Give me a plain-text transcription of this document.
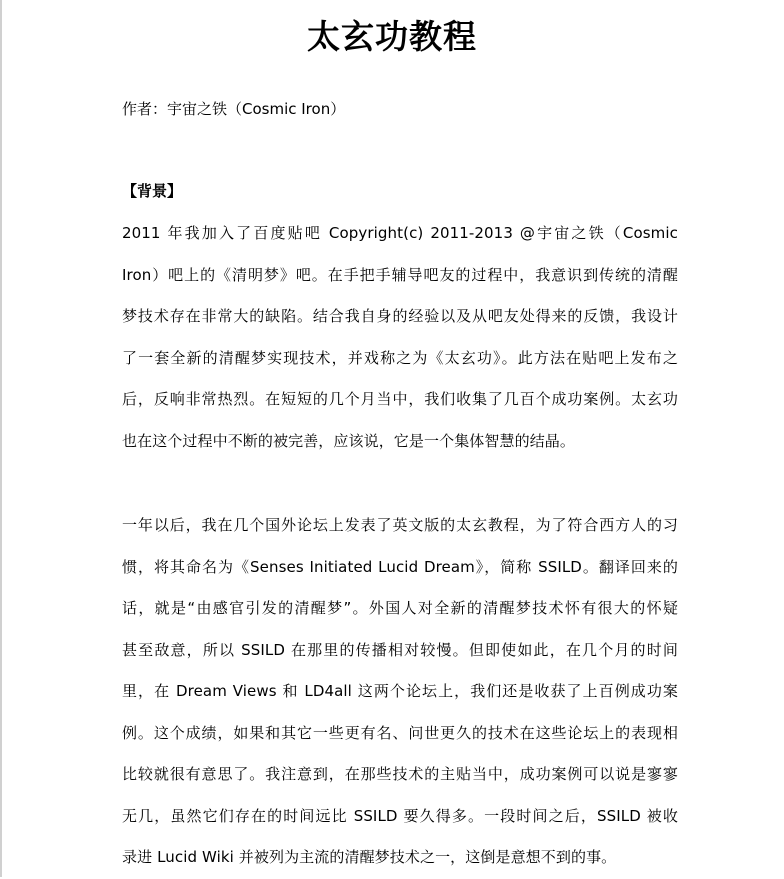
太玄功教程
作者：宇宙之铁（Cosmic Iron）
【背景】
2011 年我加入了百度贴吧 Copyright(c) 2011-2013 @宇宙之铁（Cosmic
Iron）吧上的《清明梦》吧。在手把手辅导吧友的过程中，我意识到传统的清醒
梦技术存在非常大的缺陷。结合我自身的经验以及从吧友处得来的反馈，我设计
了一套全新的清醒梦实现技术，并戏称之为《太玄功》。此方法在贴吧上发布之
后，反响非常热烈。在短短的几个月当中，我们收集了几百个成功案例。太玄功
也在这个过程中不断的被完善，应该说，它是一个集体智慧的结晶。
一年以后，我在几个国外论坛上发表了英文版的太玄教程，为了符合西方人的习
惯，将其命名为《Senses Initiated Lucid Dream》，简称 SSILD。翻译回来的
话，就是“由感官引发的清醒梦”。外国人对全新的清醒梦技术怀有很大的怀疑
甚至敌意，所以 SSILD 在那里的传播相对较慢。但即使如此，在几个月的时间
里，在 Dream Views 和 LD4all 这两个论坛上，我们还是收获了上百例成功案
例。这个成绩，如果和其它一些更有名、问世更久的技术在这些论坛上的表现相
比较就很有意思了。我注意到，在那些技术的主贴当中，成功案例可以说是寥寥
无几，虽然它们存在的时间远比 SSILD 要久得多。一段时间之后，SSILD 被收
录进 Lucid Wiki 并被列为主流的清醒梦技术之一，这倒是意想不到的事。
